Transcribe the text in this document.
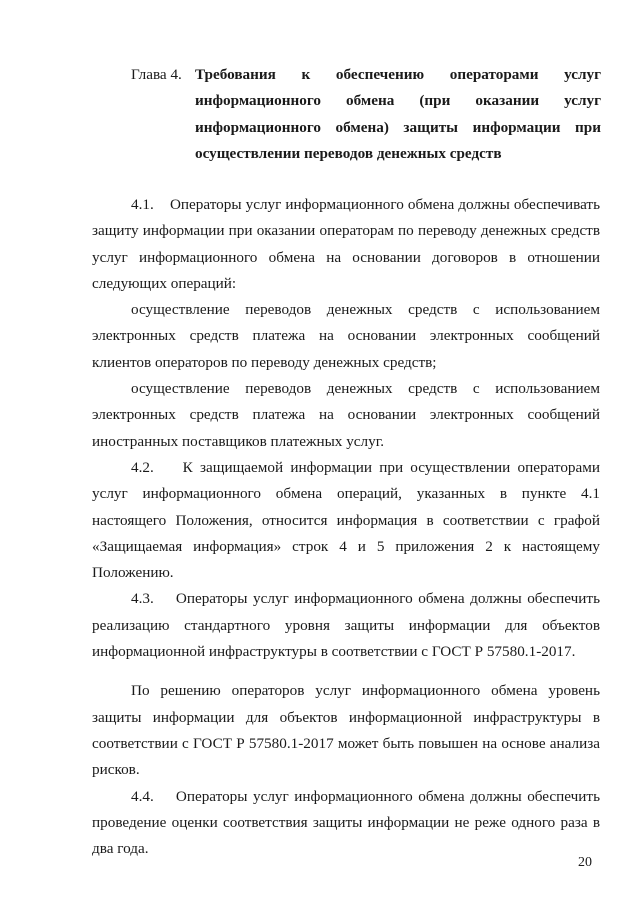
Глава 4. Требования к обеспечению операторами услуг информационного обмена (при оказании услуг информационного обмена) защиты информации при осуществлении переводов денежных средств

4.1.    Операторы услуг информационного обмена должны обеспечивать защиту информации при оказании операторам по переводу денежных средств услуг информационного обмена на основании договоров в отношении следующих операций:

осуществление переводов денежных средств с использованием электронных средств платежа на основании электронных сообщений клиентов операторов по переводу денежных средств;

осуществление переводов денежных средств с использованием электронных средств платежа на основании электронных сообщений иностранных поставщиков платежных услуг.

4.2.    К защищаемой информации при осуществлении операторами услуг информационного обмена операций, указанных в пункте 4.1 настоящего Положения, относится информация в соответствии с графой «Защищаемая информация» строк 4 и 5 приложения 2 к настоящему Положению.

4.3.    Операторы услуг информационного обмена должны обеспечить реализацию стандартного уровня защиты информации для объектов информационной инфраструктуры в соответствии с ГОСТ Р 57580.1-2017.

По решению операторов услуг информационного обмена уровень защиты информации для объектов информационной инфраструктуры в соответствии с ГОСТ Р 57580.1-2017 может быть повышен на основе анализа рисков.

4.4.    Операторы услуг информационного обмена должны обеспечить проведение оценки соответствия защиты информации не реже одного раза в два года.

20
